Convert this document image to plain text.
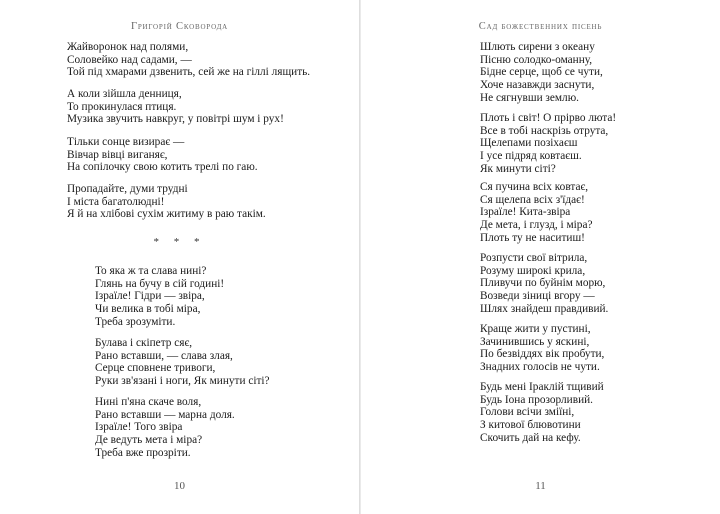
Григорій Сковорода
Жайворонок над полями,
Соловейко над садами, —
Той під хмарами дзвенить, сей же на гіллі лящить.
А коли зійшла денниця,
То прокинулася птиця.
Музика звучить навкруг, у повітрі шум і рух!
Тільки сонце визирає —
Вівчар вівці виганяє,
На сопілочку свою котить трелі по гаю.
Пропадайте, думи трудні
І міста багатолюдні!
Я й на хлібові сухім житиму в раю такім.
* * *
То яка ж та слава нині?
Глянь на бучу в сій годині!
Ізраїле! Гідри — звіра,
Чи велика в тобі міра,
Треба зрозуміти.
Булава і скіпетр сяє,
Рано вставши, — слава злая,
Серце сповнене тривоги,
Руки зв'язані і ноги, Як минути сіті?
Нині п'яна скаче воля,
Рано вставши — марна доля.
Ізраїле! Того звіра
Де ведуть мета і міра?
Треба вже прозріти.
10
Сад божественних пісень
Шлють сирени з океану
Пісню солодко-оманну,
Бідне серце, щоб се чути,
Хоче назавжди заснути,
Не сягнувши землю.
Плоть і світ! О прірво люта!
Все в тобі наскрізь отрута,
Щелепами позіхаєш
І усе підряд ковтаєш.
Як минути сіті?
Ся пучина всіх ковтає,
Ся щелепа всіх з'їдає!
Ізраїле! Кита-звіра
Де мета, і глузд, і міра?
Плоть ту не наситиш!
Розпусти свої вітрила,
Розуму широкі крила,
Пливучи по буйнім морю,
Возведи зіниці вгору —
Шлях знайдеш правдивий.
Краще жити у пустині,
Зачинившись у яскині,
По безвіддях вік пробути,
Знадних голосів не чути.
Будь мені Іраклій тщивий
Будь Іона прозорливий.
Голови всічи зміїні,
З китової блювотини
Скочить дай на кефу.
11
